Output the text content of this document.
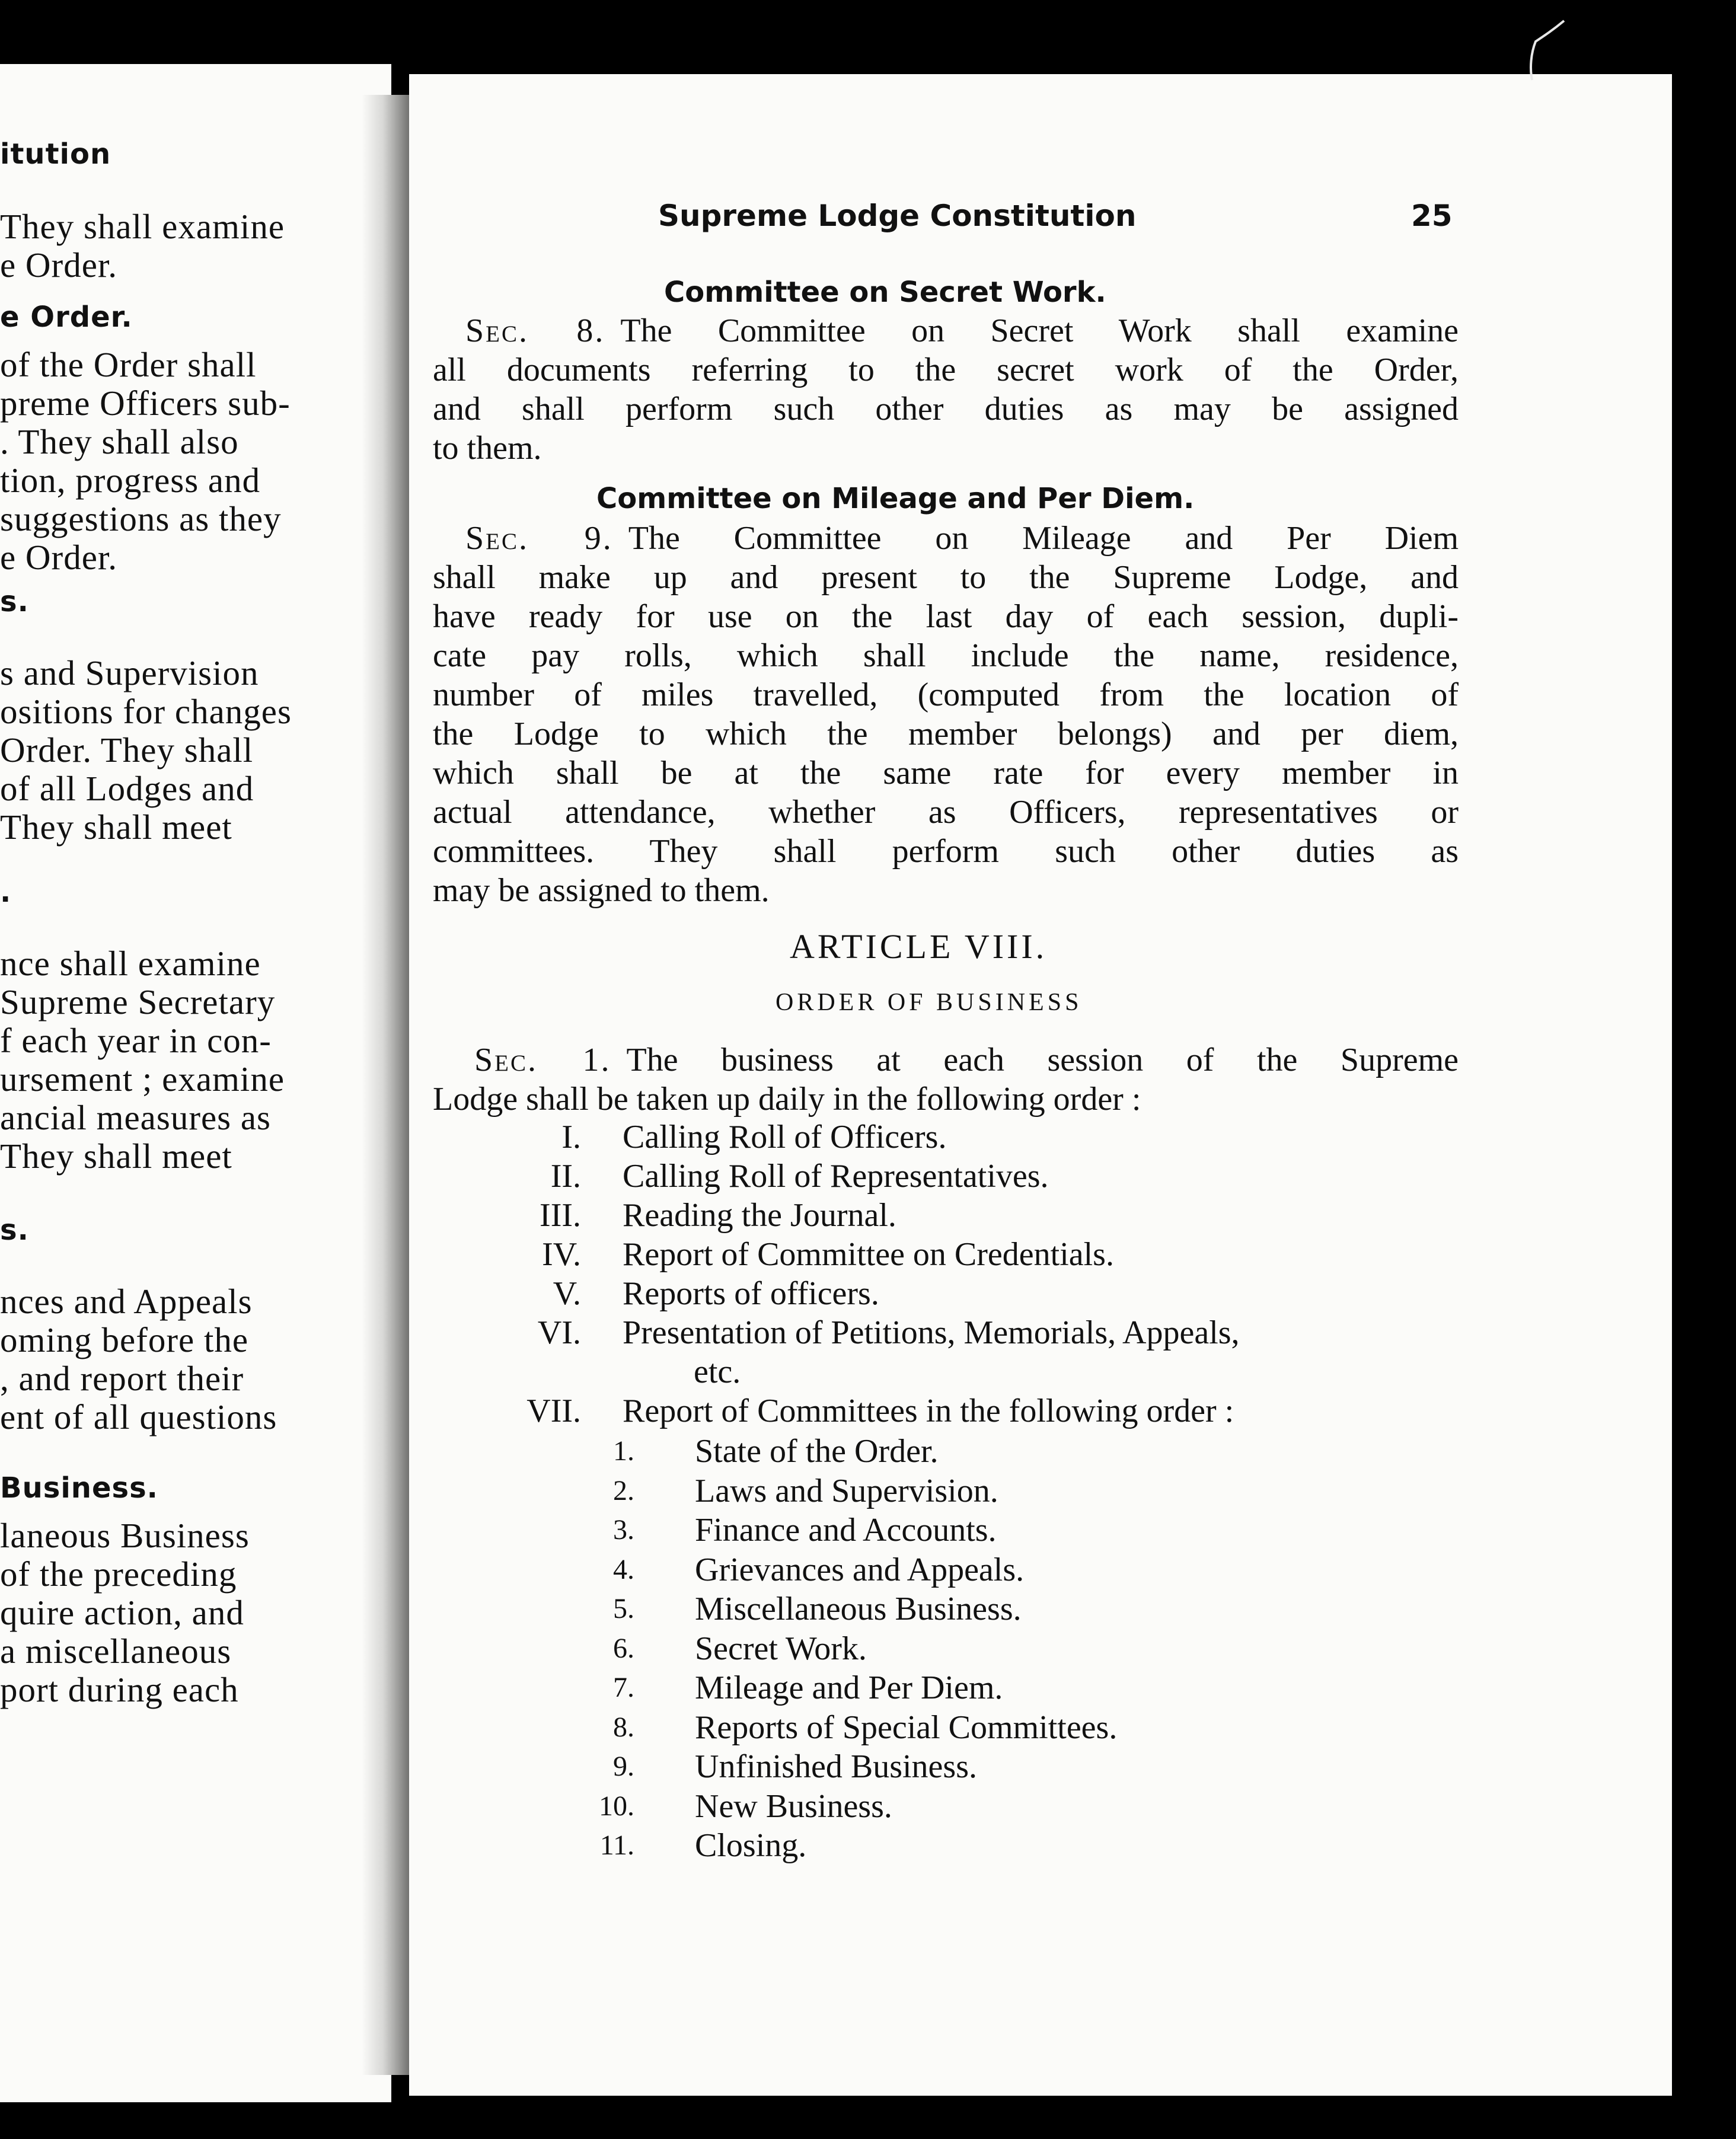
itution
They shall examine
e Order.
e Order.
of the Order shall
preme Officers sub-
. They shall also
tion, progress and
suggestions as they
e Order.
s.
s and Supervision
ositions for changes
Order. They shall
of all Lodges and
They shall meet
.
nce shall examine
Supreme Secretary
f each year in con-
ursement ; examine
ancial measures as
They shall meet
s.
nces and Appeals
oming before the
, and report their
ent of all questions
Business.
laneous Business
of the preceding
quire action, and
a miscellaneous
port during each
Supreme Lodge Constitution	25
Committee on Secret Work.
Sec. 8. The Committee on Secret Work shall examine
all documents referring to the secret work of the Order,
and shall perform such other duties as may be assigned
to them.
Committee on Mileage and Per Diem.
Sec. 9. The Committee on Mileage and Per Diem
shall make up and present to the Supreme Lodge, and
have ready for use on the last day of each session, dupli-
cate pay rolls, which shall include the name, residence,
number of miles travelled, (computed from the location of
the Lodge to which the member belongs) and per diem,
which shall be at the same rate for every member in
actual attendance, whether as Officers, representatives or
committees. They shall perform such other duties as
may be assigned to them.
ARTICLE VIII.
ORDER OF BUSINESS
Sec. 1. The business at each session of the Supreme
Lodge shall be taken up daily in the following order :
I. Calling Roll of Officers.
II. Calling Roll of Representatives.
III. Reading the Journal.
IV. Report of Committee on Credentials.
V. Reports of officers.
VI. Presentation of Petitions, Memorials, Appeals,
etc.
VII. Report of Committees in the following order :
1. State of the Order.
2. Laws and Supervision.
3. Finance and Accounts.
4. Grievances and Appeals.
5. Miscellaneous Business.
6. Secret Work.
7. Mileage and Per Diem.
8. Reports of Special Committees.
9. Unfinished Business.
10. New Business.
11. Closing.
